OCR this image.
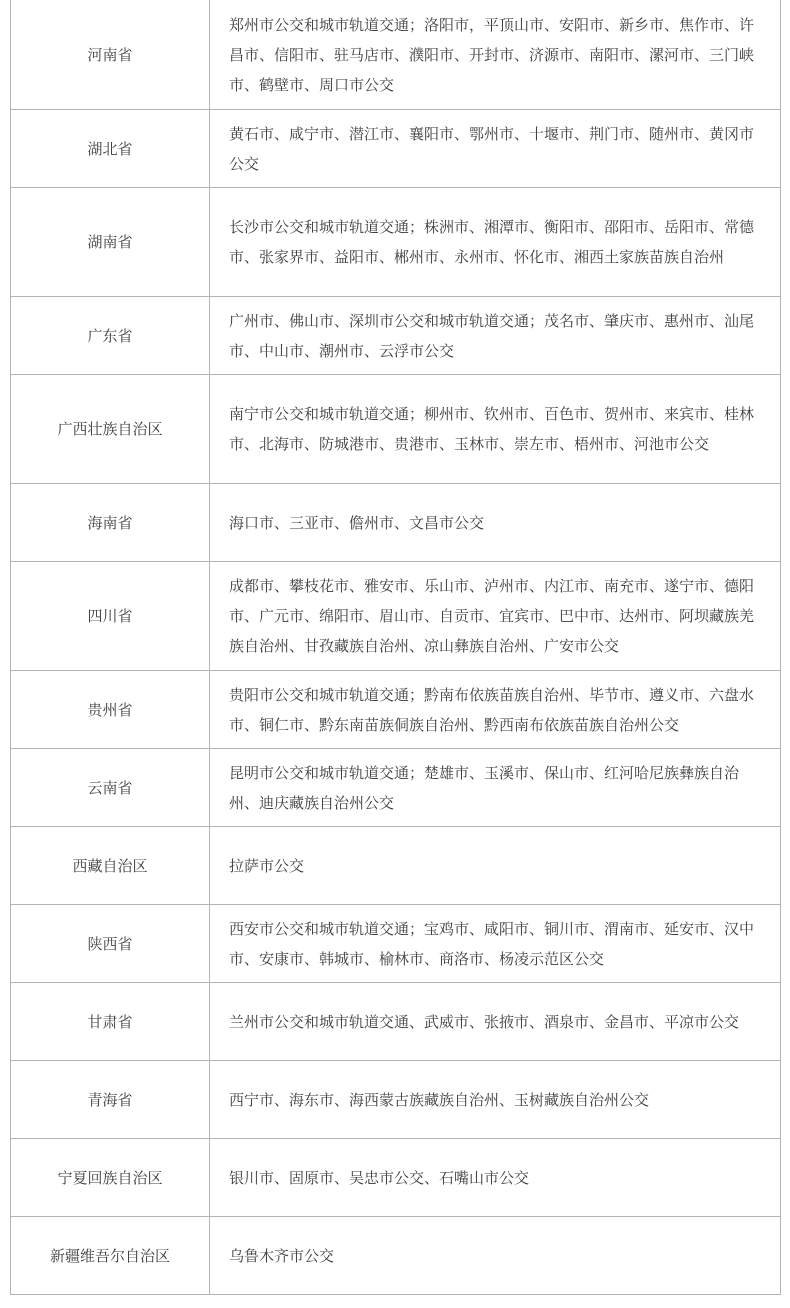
河南省	郑州市公交和城市轨道交通；洛阳市，平顶山市、安阳市、新乡市、焦作市、许昌市、信阳市、驻马店市、濮阳市、开封市、济源市、南阳市、漯河市、三门峡市、鹤壁市、周口市公交
湖北省	黄石市、咸宁市、潜江市、襄阳市、鄂州市、十堰市、荆门市、随州市、黄冈市公交
湖南省	长沙市公交和城市轨道交通；株洲市、湘潭市、衡阳市、邵阳市、岳阳市、常德市、张家界市、益阳市、郴州市、永州市、怀化市、湘西土家族苗族自治州
广东省	广州市、佛山市、深圳市公交和城市轨道交通；茂名市、肇庆市、惠州市、汕尾市、中山市、潮州市、云浮市公交
广西壮族自治区	南宁市公交和城市轨道交通；柳州市、钦州市、百色市、贺州市、来宾市、桂林市、北海市、防城港市、贵港市、玉林市、崇左市、梧州市、河池市公交
海南省	海口市、三亚市、儋州市、文昌市公交
四川省	成都市、攀枝花市、雅安市、乐山市、泸州市、内江市、南充市、遂宁市、德阳市、广元市、绵阳市、眉山市、自贡市、宜宾市、巴中市、达州市、阿坝藏族羌族自治州、甘孜藏族自治州、凉山彝族自治州、广安市公交
贵州省	贵阳市公交和城市轨道交通；黔南布依族苗族自治州、毕节市、遵义市、六盘水市、铜仁市、黔东南苗族侗族自治州、黔西南布依族苗族自治州公交
云南省	昆明市公交和城市轨道交通；楚雄市、玉溪市、保山市、红河哈尼族彝族自治州、迪庆藏族自治州公交
西藏自治区	拉萨市公交
陕西省	西安市公交和城市轨道交通；宝鸡市、咸阳市、铜川市、渭南市、延安市、汉中市、安康市、韩城市、榆林市、商洛市、杨凌示范区公交
甘肃省	兰州市公交和城市轨道交通、武威市、张掖市、酒泉市、金昌市、平凉市公交
青海省	西宁市、海东市、海西蒙古族藏族自治州、玉树藏族自治州公交
宁夏回族自治区	银川市、固原市、吴忠市公交、石嘴山市公交
新疆维吾尔自治区	乌鲁木齐市公交
